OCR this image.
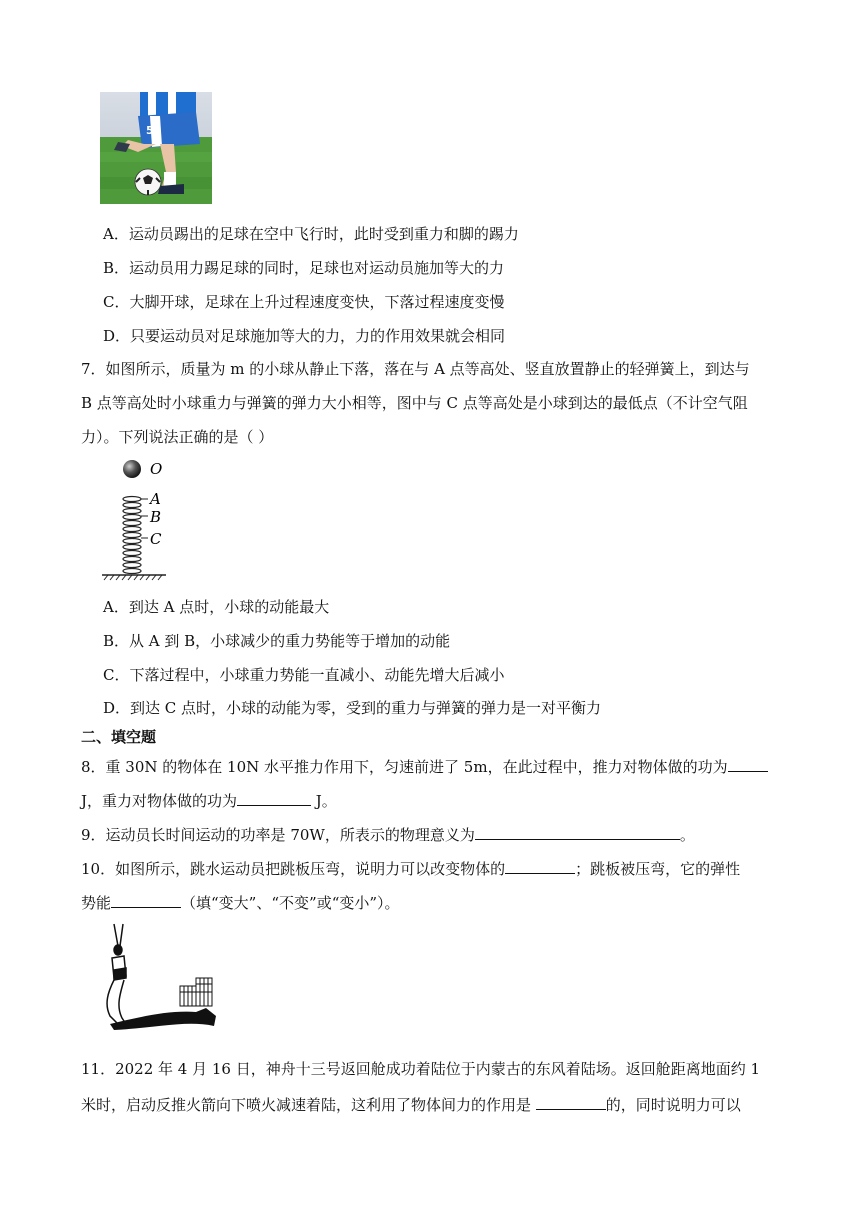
5
A．运动员踢出的足球在空中飞行时，此时受到重力和脚的踢力
B．运动员用力踢足球的同时，足球也对运动员施加等大的力
C．大脚开球，足球在上升过程速度变快，下落过程速度变慢
D．只要运动员对足球施加等大的力，力的作用效果就会相同
7．如图所示，质量为 m 的小球从静止下落，落在与 A 点等高处、竖直放置静止的轻弹簧上，到达与
B 点等高处时小球重力与弹簧的弹力大小相等，图中与 C 点等高处是小球到达的最低点（不计空气阻
力）。下列说法正确的是（ ）
O
A
B
C
A．到达 A 点时，小球的动能最大
B．从 A 到 B，小球减少的重力势能等于增加的动能
C．下落过程中，小球重力势能一直减小、动能先增大后减小
D．到达 C 点时，小球的动能为零，受到的重力与弹簧的弹力是一对平衡力
二、填空题
8．重 30N 的物体在 10N 水平推力作用下，匀速前进了 5m，在此过程中，推力对物体做的功为
J，重力对物体做的功为	J。
9．运动员长时间运动的功率是 70W，所表示的物理意义为	。
10．如图所示，跳水运动员把跳板压弯，说明力可以改变物体的	；跳板被压弯，它的弹性
势能	（填“变大”、“不变”或“变小”）。
11．2022 年 4 月 16 日，神舟十三号返回舱成功着陆位于内蒙古的东风着陆场。返回舱距离地面约 1
米时，启动反推火箭向下喷火减速着陆，这利用了物体间力的作用是	的，同时说明力可以
